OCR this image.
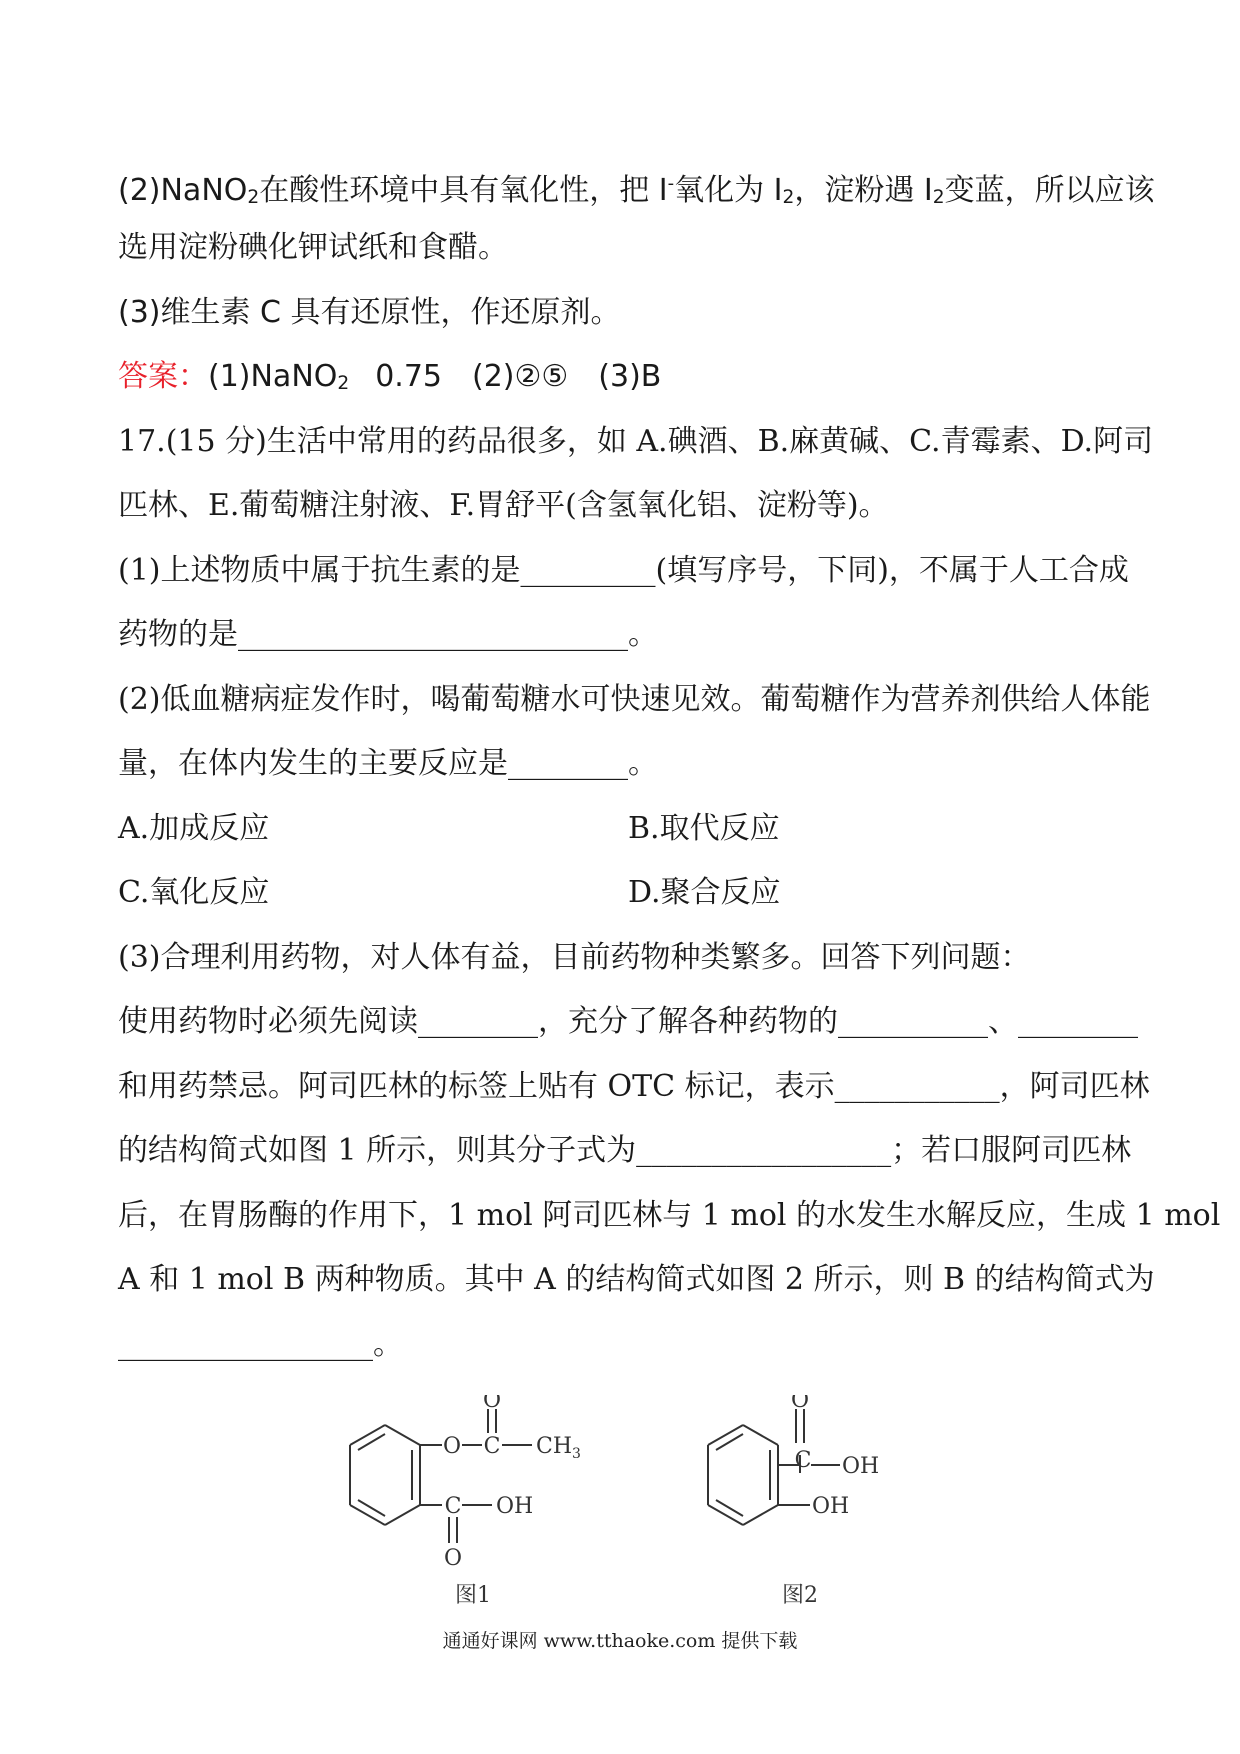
(2)NaNO$_2$在酸性环境中具有氧化性，把 I-氧化为 $I_2$，淀粉遇 $I_2$变蓝，所以应该
选用淀粉碘化钾试纸和食醋。
(3)维生素 C 具有还原性，作还原剂。
答案：(1)NaNO$_2$ 0.75　(2)②⑤　(3)B
17.(15 分)生活中常用的药品很多，如 A.碘酒、B.麻黄碱、C.青霉素、D.阿司
匹林、E.葡萄糖注射液、F.胃舒平(含氢氧化铝、淀粉等)。
(1)上述物质中属于抗生素的是_________(填写序号，下同)，不属于人工合成
药物的是__________________________。
(2)低血糖病症发作时，喝葡萄糖水可快速见效。葡萄糖作为营养剂供给人体能
量，在体内发生的主要反应是________。
A.加成反应	B.取代反应
C.氧化反应	D.聚合反应
(3)合理利用药物，对人体有益，目前药物种类繁多。回答下列问题：
使用药物时必须先阅读________，充分了解各种药物的__________、________
和用药禁忌。阿司匹林的标签上贴有 OTC 标记，表示___________，阿司匹林
的结构简式如图 1 所示，则其分子式为_________________；若口服阿司匹林
后，在胃肠酶的作用下，1 mol 阿司匹林与 1 mol 的水发生水解反应，生成 1 mol
A 和 1 mol B 两种物质。其中 A 的结构简式如图 2 所示，则 B 的结构简式为
_________________。
O
O C $CH_3$
C OH
O
图1
O
C OH
OH
图2
通通好课网 www.tthaoke.com 提供下载
